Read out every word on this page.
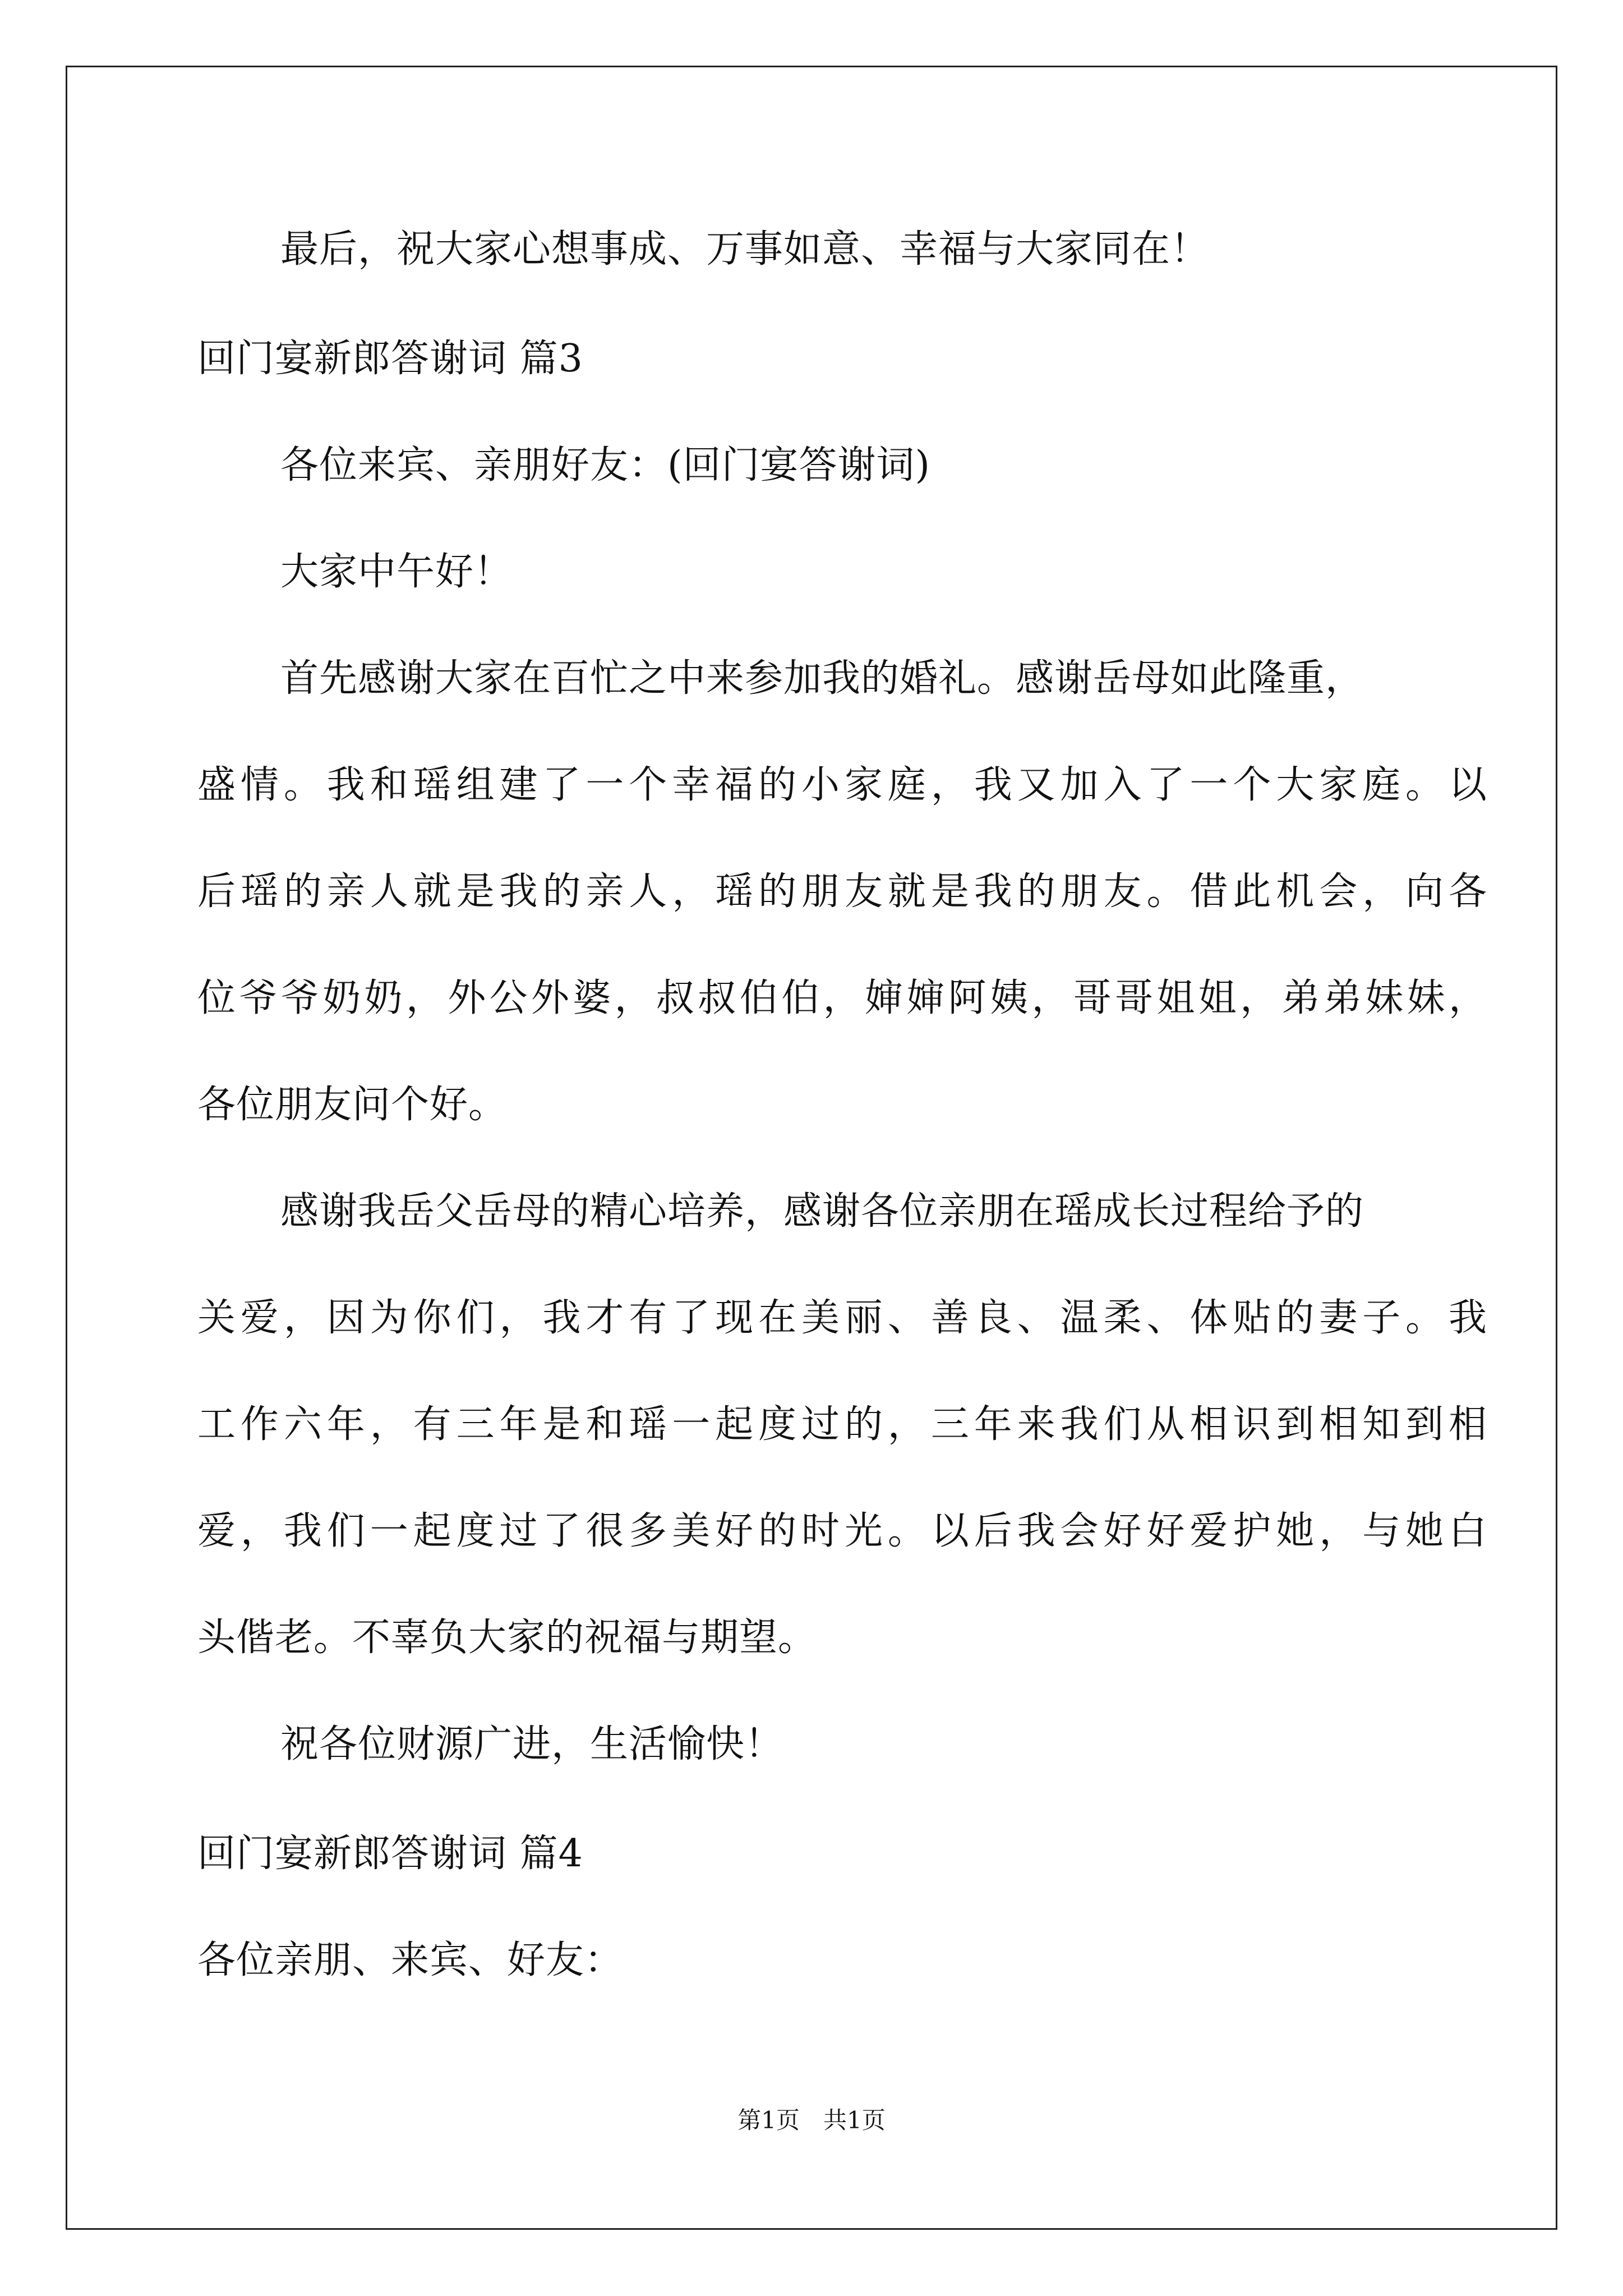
最后，祝大家心想事成、万事如意、幸福与大家同在！
回门宴新郎答谢词 篇3
各位来宾、亲朋好友：(回门宴答谢词)
大家中午好！
首先感谢大家在百忙之中来参加我的婚礼。感谢岳母如此隆重，
盛情。我和瑶组建了一个幸福的小家庭，我又加入了一个大家庭。以
后瑶的亲人就是我的亲人，瑶的朋友就是我的朋友。借此机会，向各
位爷爷奶奶，外公外婆，叔叔伯伯，婶婶阿姨，哥哥姐姐，弟弟妹妹，
各位朋友问个好。
感谢我岳父岳母的精心培养，感谢各位亲朋在瑶成长过程给予的
关爱，因为你们，我才有了现在美丽、善良、温柔、体贴的妻子。我
工作六年，有三年是和瑶一起度过的，三年来我们从相识到相知到相
爱，我们一起度过了很多美好的时光。以后我会好好爱护她，与她白
头偕老。不辜负大家的祝福与期望。
祝各位财源广进，生活愉快！
回门宴新郎答谢词 篇4
各位亲朋、来宾、好友：
第1页　共1页
